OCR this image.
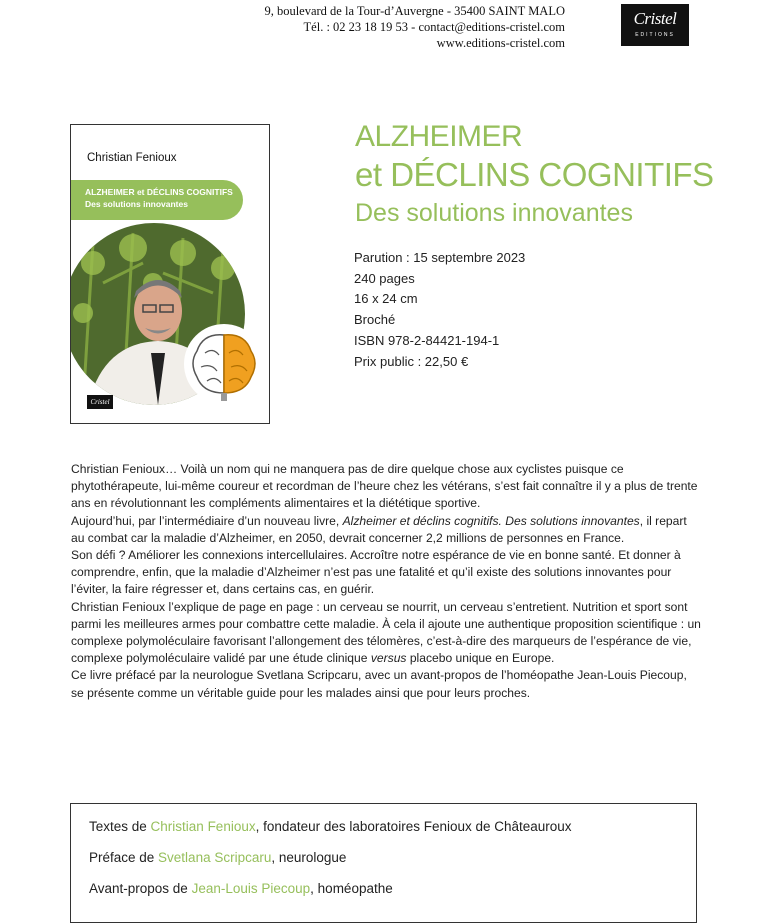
9, boulevard de la Tour-d’Auvergne - 35400 SAINT MALO
Tél. : 02 23 18 19 53 - contact@editions-cristel.com
www.editions-cristel.com
Cristel
EDITIONS
Christian Fenioux
ALZHEIMER et DÉCLINS COGNITIFS
Des solutions innovantes
Cristel
ALZHEIMER
et DÉCLINS COGNITIFS
Des solutions innovantes
Parution : 15 septembre 2023
240 pages
16 x 24 cm
Broché
ISBN 978-2-84421-194-1
Prix public : 22,50 €

Christian Fenioux… Voilà un nom qui ne manquera pas de dire quelque chose aux cyclistes puisque ce phytothérapeute, lui-même coureur et recordman de l’heure chez les vétérans, s’est fait connaître il y a plus de trente ans en révolutionnant les compléments alimentaires et la diététique sportive.

Aujourd’hui, par l’intermédiaire d’un nouveau livre, Alzheimer et déclins cognitifs. Des solutions innovantes, il repart au combat car la maladie d’Alzheimer, en 2050, devrait concerner 2,2 millions de personnes en France.

Son défi ? Améliorer les connexions intercellulaires. Accroître notre espérance de vie en bonne santé. Et donner à comprendre, enfin, que la maladie d’Alzheimer n’est pas une fatalité et qu’il existe des solutions innovantes pour l’éviter, la faire régresser et, dans certains cas, en guérir.

Christian Fenioux l’explique de page en page : un cerveau se nourrit, un cerveau s’entretient. Nutrition et sport sont parmi les meilleures armes pour combattre cette maladie. À cela il ajoute une authentique proposition scientifique : un complexe polymoléculaire favorisant l’allongement des télomères, c’est-à-dire des marqueurs de l’espérance de vie, complexe polymoléculaire validé par une étude clinique versus placebo unique en Europe.

Ce livre préfacé par la neurologue Svetlana Scripcaru, avec un avant-propos de l’homéopathe Jean-Louis Piecoup, se présente comme un véritable guide pour les malades ainsi que pour leurs proches.

Textes de Christian Fenioux, fondateur des laboratoires Fenioux de Châteauroux
Préface de Svetlana Scripcaru, neurologue
Avant-propos de Jean-Louis Piecoup, homéopathe
